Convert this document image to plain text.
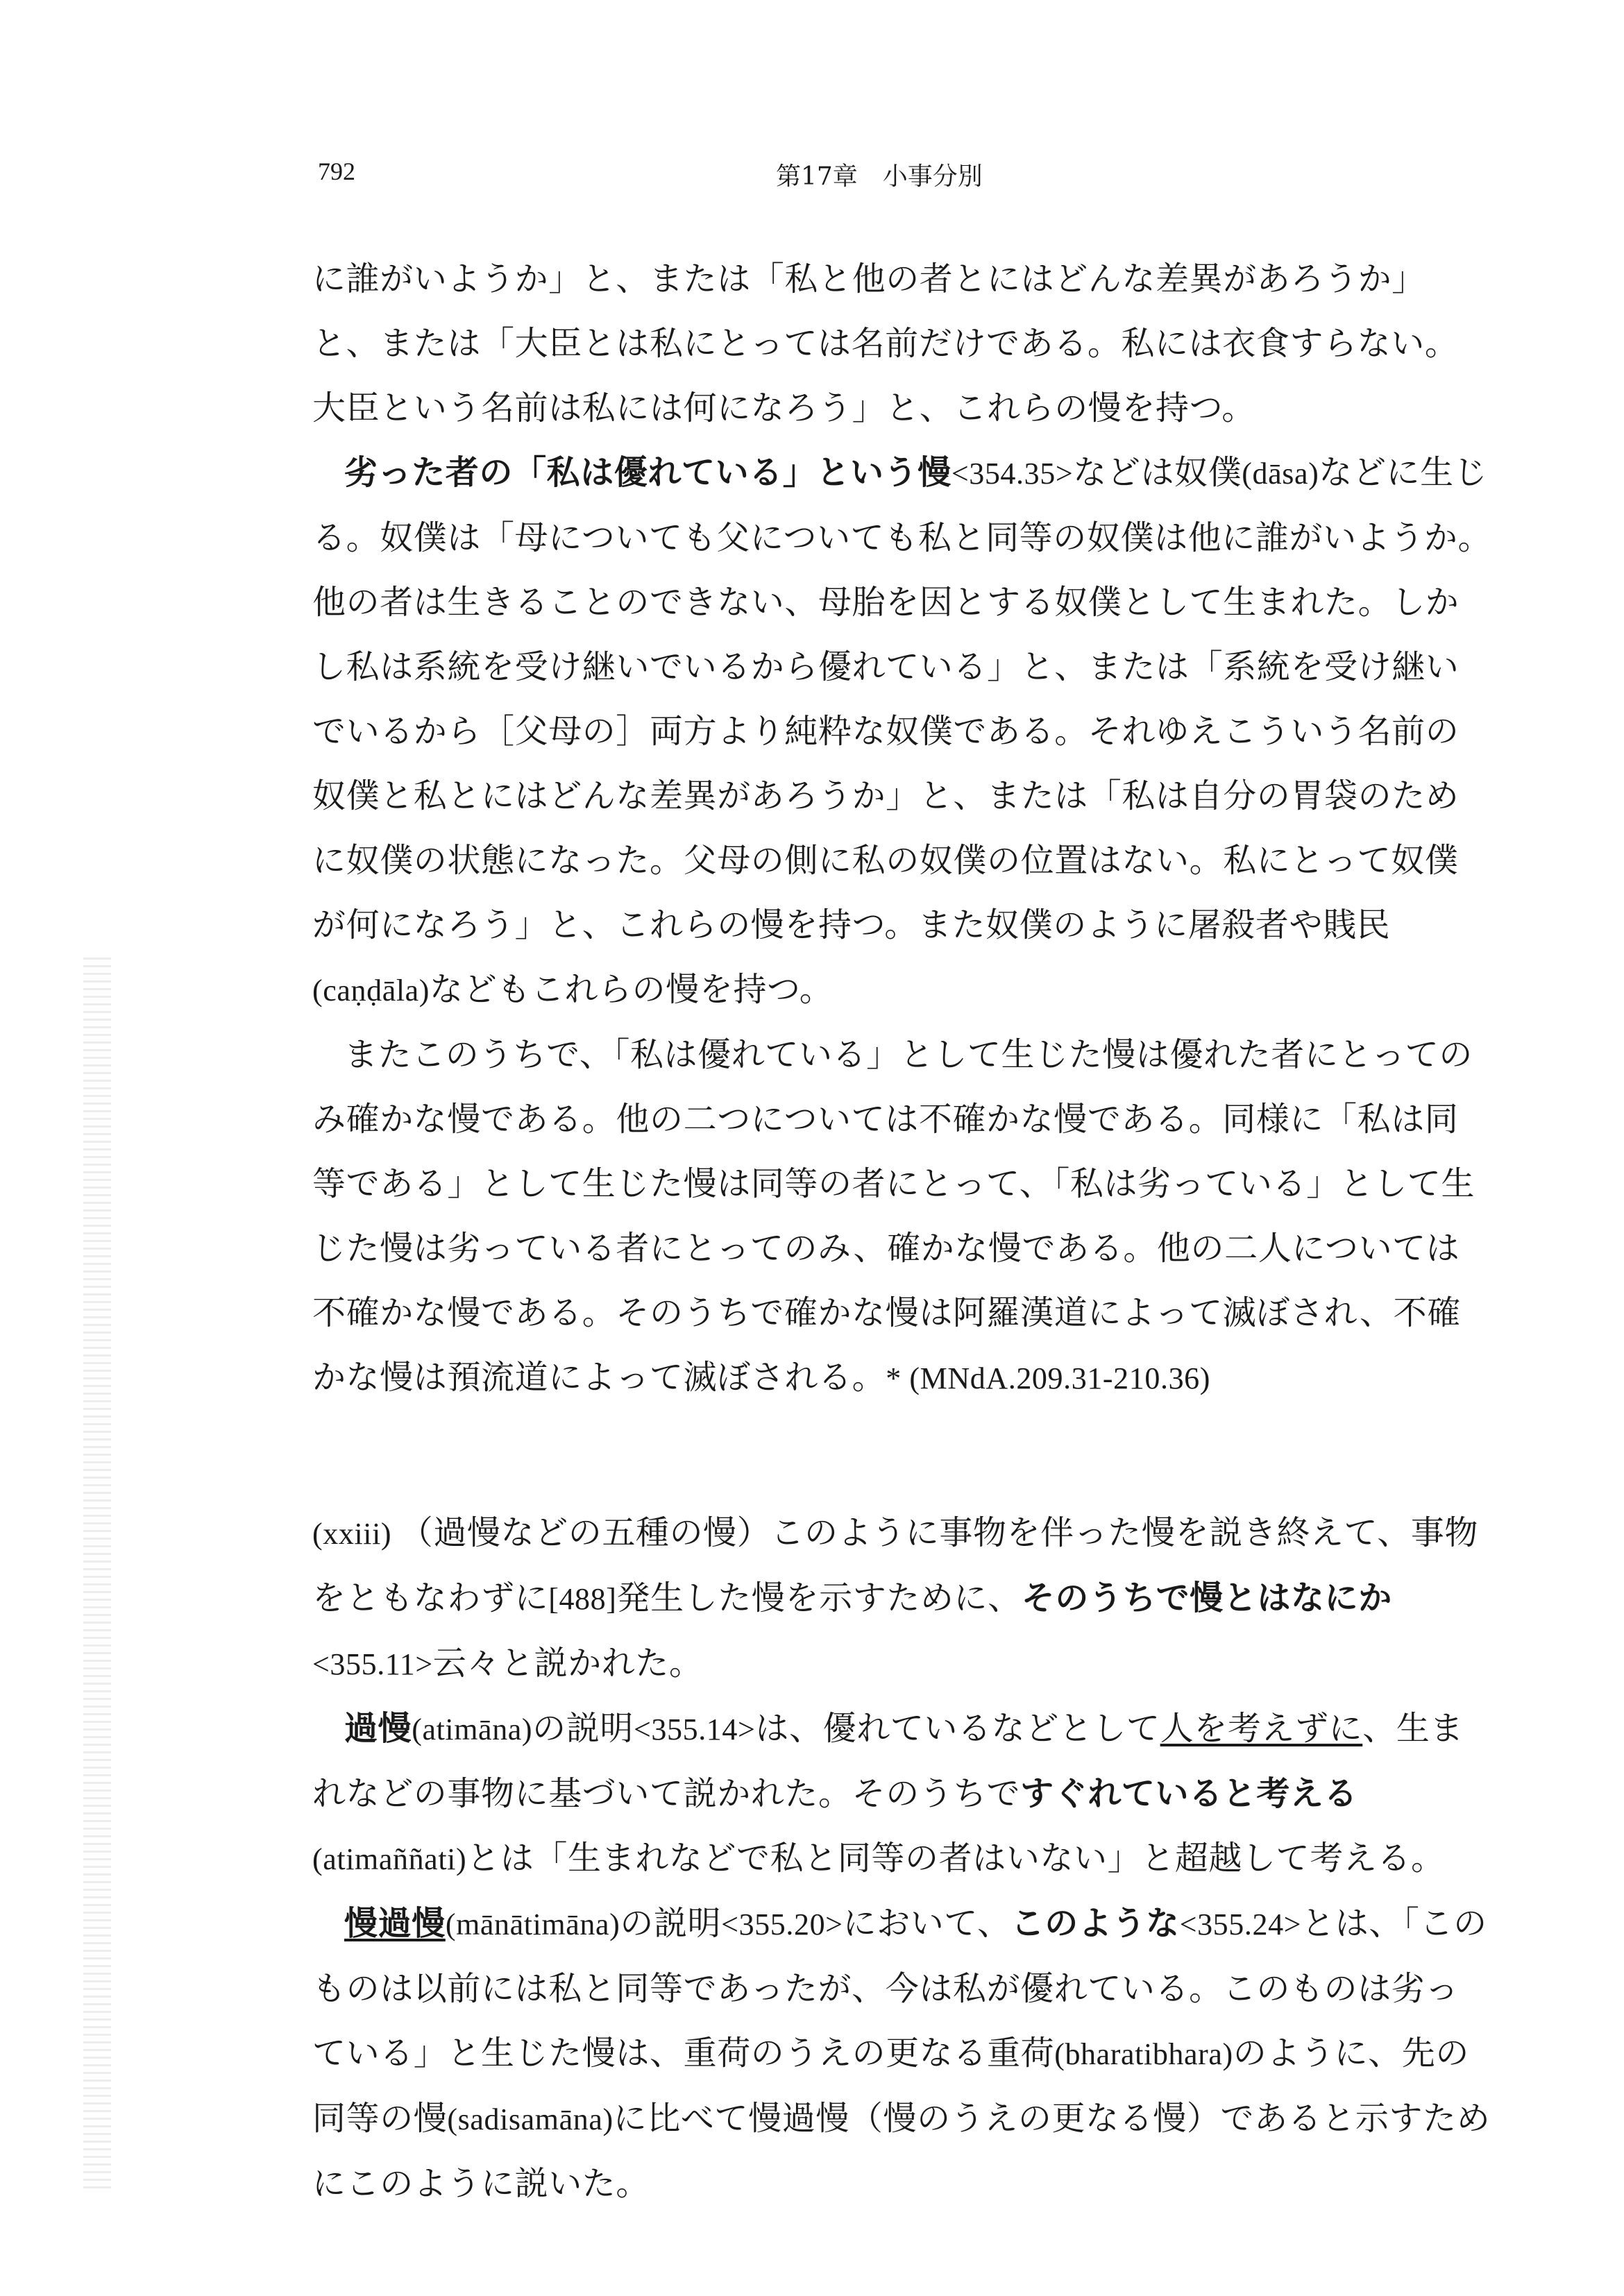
792	第17章　小事分別

に誰がいようか」と、または「私と他の者とにはどんな差異があろうか」と、または「大臣とは私にとっては名前だけである。私には衣食すらない。大臣という名前は私には何になろう」と、これらの慢を持つ。

劣った者の「私は優れている」という慢<354.35>などは奴僕(dāsa)などに生じる。奴僕は「母についても父についても私と同等の奴僕は他に誰がいようか。他の者は生きることのできない、母胎を因とする奴僕として生まれた。しかし私は系統を受け継いでいるから優れている」と、または「系統を受け継いでいるから［父母の］両方より純粋な奴僕である。それゆえこういう名前の奴僕と私とにはどんな差異があろうか」と、または「私は自分の胃袋のために奴僕の状態になった。父母の側に私の奴僕の位置はない。私にとって奴僕が何になろう」と、これらの慢を持つ。また奴僕のように屠殺者や賎民(caṇḍāla)などもこれらの慢を持つ。

またこのうちで、「私は優れている」として生じた慢は優れた者にとってのみ確かな慢である。他の二つについては不確かな慢である。同様に「私は同等である」として生じた慢は同等の者にとって、「私は劣っている」として生じた慢は劣っている者にとってのみ、確かな慢である。他の二人については不確かな慢である。そのうちで確かな慢は阿羅漢道によって滅ぼされ、不確かな慢は預流道によって滅ぼされる。* (MNdA.209.31-210.36)

(xxiii) （過慢などの五種の慢）このように事物を伴った慢を説き終えて、事物をともなわずに[488]発生した慢を示すために、そのうちで慢とはなにか<355.11>云々と説かれた。

過慢(atimāna)の説明<355.14>は、優れているなどとして人を考えずに、生まれなどの事物に基づいて説かれた。そのうちですぐれていると考える(atimaññati)とは「生まれなどで私と同等の者はいない」と超越して考える。

慢過慢(mānātimāna)の説明<355.20>において、このような<355.24>とは、「このものは以前には私と同等であったが、今は私が優れている。このものは劣っている」と生じた慢は、重荷のうえの更なる重荷(bharatibhara)のように、先の同等の慢(sadisamāna)に比べて慢過慢（慢のうえの更なる慢）であると示すためにこのように説いた。
